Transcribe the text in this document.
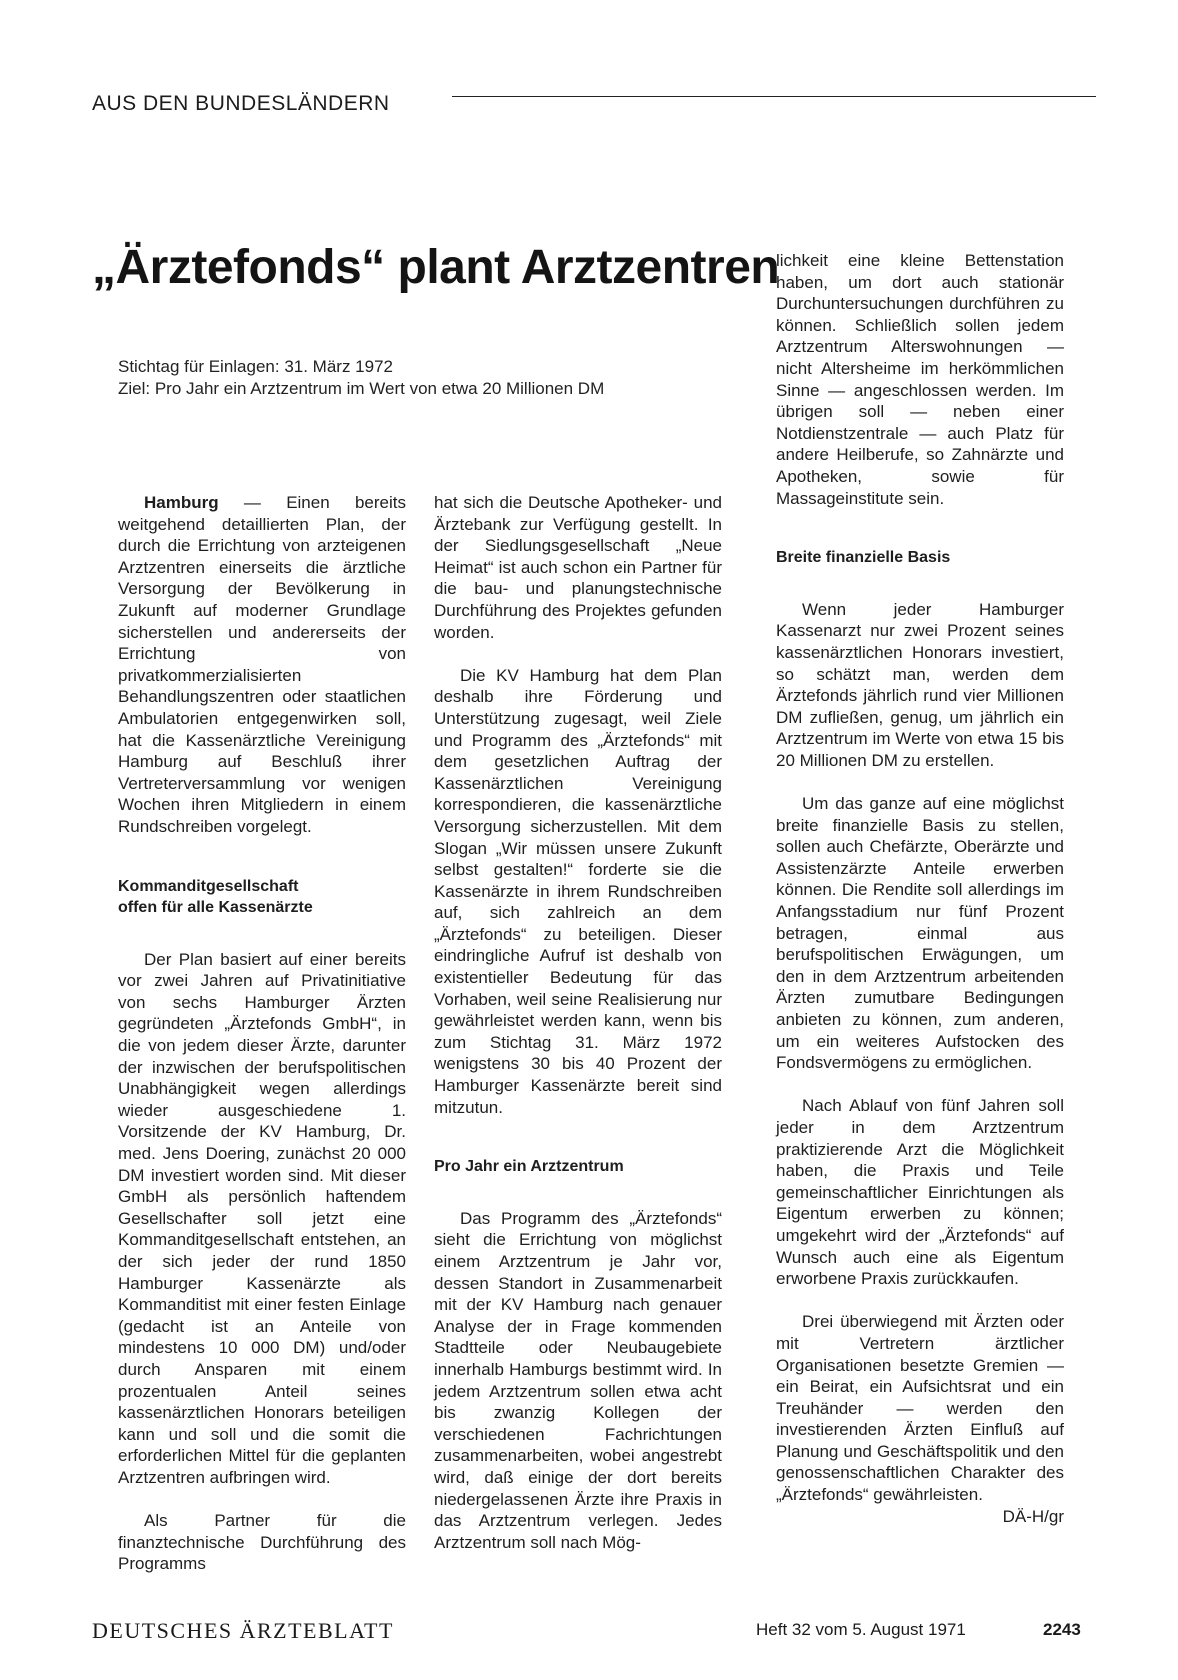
AUS DEN BUNDESLÄNDERN
„Ärztefonds“ plant Arztzentren
Stichtag für Einlagen: 31. März 1972
Ziel: Pro Jahr ein Arztzentrum im Wert von etwa 20 Millionen DM

Hamburg — Einen bereits weitgehend detaillierten Plan, der durch die Errichtung von arzteigenen Arztzentren einerseits die ärztliche Versorgung der Bevölkerung in Zukunft auf moderner Grundlage sicherstellen und andererseits der Errichtung von privatkommerzialisierten Behandlungszentren oder staatlichen Ambulatorien entgegenwirken soll, hat die Kassenärztliche Vereinigung Hamburg auf Beschluß ihrer Vertreterversammlung vor wenigen Wochen ihren Mitgliedern in einem Rundschreiben vorgelegt.

Kommanditgesellschaft
offen für alle Kassenärzte

Der Plan basiert auf einer bereits vor zwei Jahren auf Privatinitiative von sechs Hamburger Ärzten gegründeten „Ärztefonds GmbH“, in die von jedem dieser Ärzte, darunter der inzwischen der berufspolitischen Unabhängigkeit wegen allerdings wieder ausgeschiedene 1. Vorsitzende der KV Hamburg, Dr. med. Jens Doering, zunächst 20 000 DM investiert worden sind. Mit dieser GmbH als persönlich haftendem Gesellschafter soll jetzt eine Kommanditgesellschaft entstehen, an der sich jeder der rund 1850 Hamburger Kassenärzte als Kommanditist mit einer festen Einlage (gedacht ist an Anteile von mindestens 10 000 DM) und/oder durch Ansparen mit einem prozentualen Anteil seines kassenärztlichen Honorars beteiligen kann und soll und die somit die erforderlichen Mittel für die geplanten Arztzentren aufbringen wird.

Als Partner für die finanztechnische Durchführung des Programms

hat sich die Deutsche Apotheker- und Ärztebank zur Verfügung gestellt. In der Siedlungsgesellschaft „Neue Heimat“ ist auch schon ein Partner für die bau- und planungstechnische Durchführung des Projektes gefunden worden.

Die KV Hamburg hat dem Plan deshalb ihre Förderung und Unterstützung zugesagt, weil Ziele und Programm des „Ärztefonds“ mit dem gesetzlichen Auftrag der Kassenärztlichen Vereinigung korrespondieren, die kassenärztliche Versorgung sicherzustellen. Mit dem Slogan „Wir müssen unsere Zukunft selbst gestalten!“ forderte sie die Kassenärzte in ihrem Rundschreiben auf, sich zahlreich an dem „Ärztefonds“ zu beteiligen. Dieser eindringliche Aufruf ist deshalb von existentieller Bedeutung für das Vorhaben, weil seine Realisierung nur gewährleistet werden kann, wenn bis zum Stichtag 31. März 1972 wenigstens 30 bis 40 Prozent der Hamburger Kassenärzte bereit sind mitzutun.

Pro Jahr ein Arztzentrum

Das Programm des „Ärztefonds“ sieht die Errichtung von möglichst einem Arztzentrum je Jahr vor, dessen Standort in Zusammenarbeit mit der KV Hamburg nach genauer Analyse der in Frage kommenden Stadtteile oder Neubaugebiete innerhalb Hamburgs bestimmt wird. In jedem Arztzentrum sollen etwa acht bis zwanzig Kollegen der verschiedenen Fachrichtungen zusammenarbeiten, wobei angestrebt wird, daß einige der dort bereits niedergelassenen Ärzte ihre Praxis in das Arztzentrum verlegen. Jedes Arztzentrum soll nach Mög-

lichkeit eine kleine Bettenstation haben, um dort auch stationär Durchuntersuchungen durchführen zu können. Schließlich sollen jedem Arztzentrum Alterswohnungen — nicht Altersheime im herkömmlichen Sinne — angeschlossen werden. Im übrigen soll — neben einer Notdienstzentrale — auch Platz für andere Heilberufe, so Zahnärzte und Apotheken, sowie für Massageinstitute sein.

Breite finanzielle Basis

Wenn jeder Hamburger Kassenarzt nur zwei Prozent seines kassenärztlichen Honorars investiert, so schätzt man, werden dem Ärztefonds jährlich rund vier Millionen DM zufließen, genug, um jährlich ein Arztzentrum im Werte von etwa 15 bis 20 Millionen DM zu erstellen.

Um das ganze auf eine möglichst breite finanzielle Basis zu stellen, sollen auch Chefärzte, Oberärzte und Assistenzärzte Anteile erwerben können. Die Rendite soll allerdings im Anfangsstadium nur fünf Prozent betragen, einmal aus berufspolitischen Erwägungen, um den in dem Arztzentrum arbeitenden Ärzten zumutbare Bedingungen anbieten zu können, zum anderen, um ein weiteres Aufstocken des Fondsvermögens zu ermöglichen.

Nach Ablauf von fünf Jahren soll jeder in dem Arztzentrum praktizierende Arzt die Möglichkeit haben, die Praxis und Teile gemeinschaftlicher Einrichtungen als Eigentum erwerben zu können; umgekehrt wird der „Ärztefonds“ auf Wunsch auch eine als Eigentum erworbene Praxis zurückkaufen.

Drei überwiegend mit Ärzten oder mit Vertretern ärztlicher Organisationen besetzte Gremien — ein Beirat, ein Aufsichtsrat und ein Treuhänder — werden den investierenden Ärzten Einfluß auf Planung und Geschäftspolitik und den genossenschaftlichen Charakter des „Ärztefonds“ gewährleisten.
DÄ-H/gr

DEUTSCHES ÄRZTEBLATT	Heft 32 vom 5. August 1971	2243
